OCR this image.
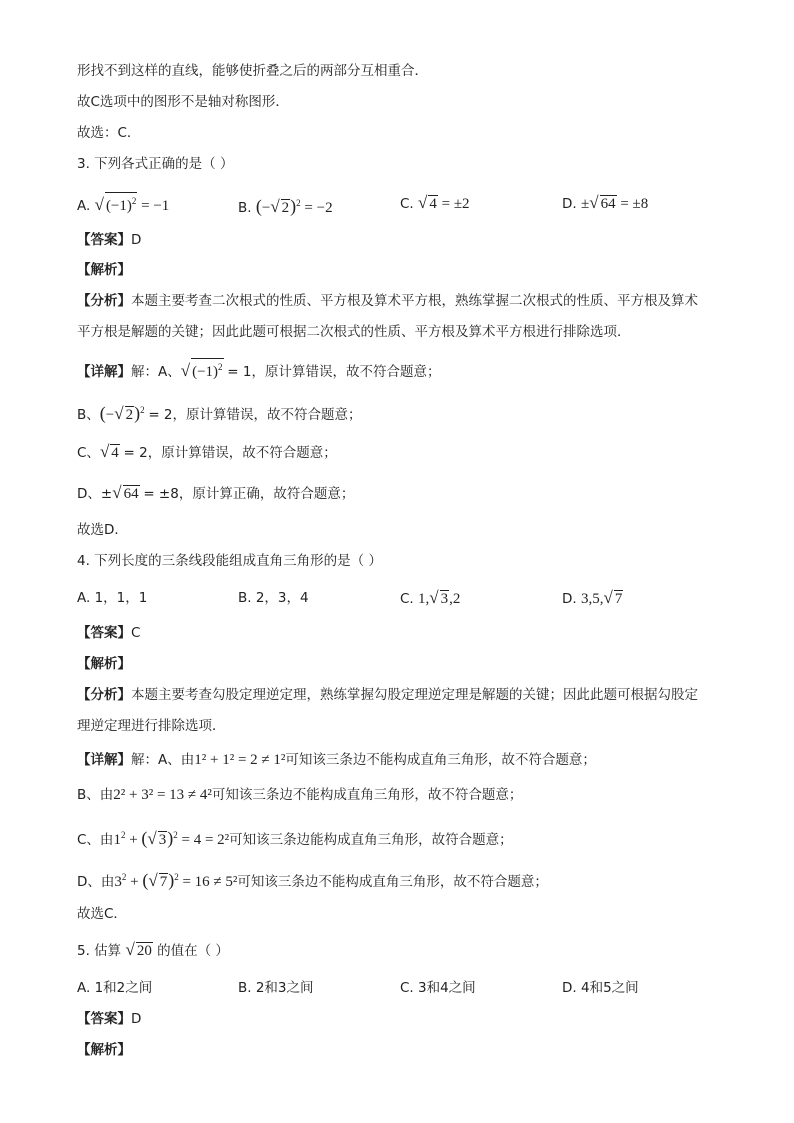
形找不到这样的直线，能够使折叠之后的两部分互相重合．
故C选项中的图形不是轴对称图形．
故选：C．
3. 下列各式正确的是（ ）
A. √ $(-1)^2 = -1$	B. (−√ 2)$^2$ = −2	C. √ 4 = ±2	D. ±√ 64 = ±8
【答案】D
【解析】
【分析】本题主要考查二次根式的性质、平方根及算术平方根，熟练掌握二次根式的性质、平方根及算术
平方根是解题的关键；因此此题可根据二次根式的性质、平方根及算术平方根进行排除选项．
【详解】解：A、√ $(-1)^2 = 1$，原计算错误，故不符合题意；
B、(−√ 2)$^2$ = 2，原计算错误，故不符合题意；
C、√ 4 = 2，原计算错误，故不符合题意；
D、±√ 64 = ±8，原计算正确，故符合题意；
故选D．
4. 下列长度的三条线段能组成直角三角形的是（ ）
A. 1，1，1	B. 2，3，4	C. 1,√ 3,2	D. 3,5,√ 7
【答案】C
【解析】
【分析】本题主要考查勾股定理逆定理，熟练掌握勾股定理逆定理是解题的关键；因此此题可根据勾股定
理逆定理进行排除选项．
【详解】解：A、由1² + 1² = 2 ≠ 1²可知该三条边不能构成直角三角形，故不符合题意；
B、由2² + 3² = 13 ≠ 4²可知该三条边不能构成直角三角形，故不符合题意；
C、由$1^2$ + (√ 3)$^2$ = 4 = 2²可知该三条边能构成直角三角形，故符合题意；
D、由$3^2$ + (√ 7)$^2$ = 16 ≠ 5²可知该三条边不能构成直角三角形，故不符合题意；
故选C．
5. 估算 √ 20 的值在（ ）
A. 1和2之间	B. 2和3之间	C. 3和4之间	D. 4和5之间
【答案】D
【解析】
